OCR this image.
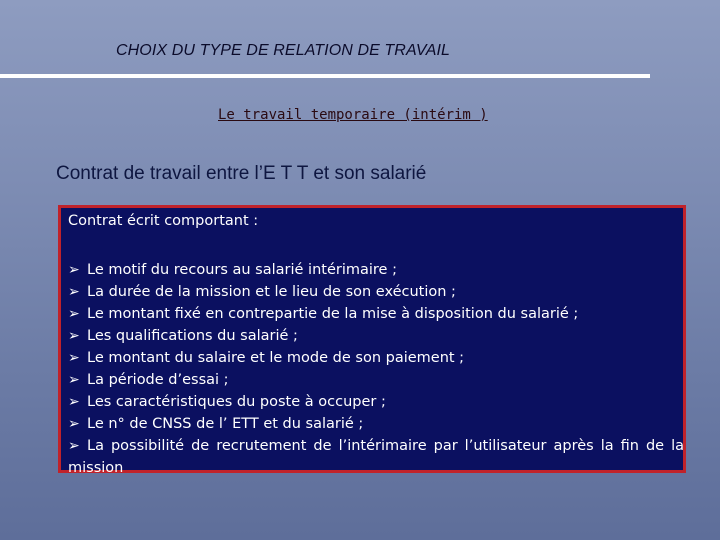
CHOIX DU TYPE DE RELATION DE TRAVAIL
Le travail temporaire (intérim )
Contrat de travail entre l’E T T et son salarié
Contrat écrit comportant :
➢ Le motif du recours au salarié intérimaire ;
➢ La durée de la mission et le lieu de son exécution ;
➢ Le montant fixé en contrepartie de la mise à disposition du salarié ;
➢ Les qualifications du salarié ;
➢ Le montant du salaire et le mode de son paiement ;
➢ La période d’essai ;
➢ Les caractéristiques du poste à occuper ;
➢ Le n° de CNSS de l’ ETT et du salarié ;
➢ La possibilité de recrutement de l’intérimaire par l’utilisateur après la fin de la mission
